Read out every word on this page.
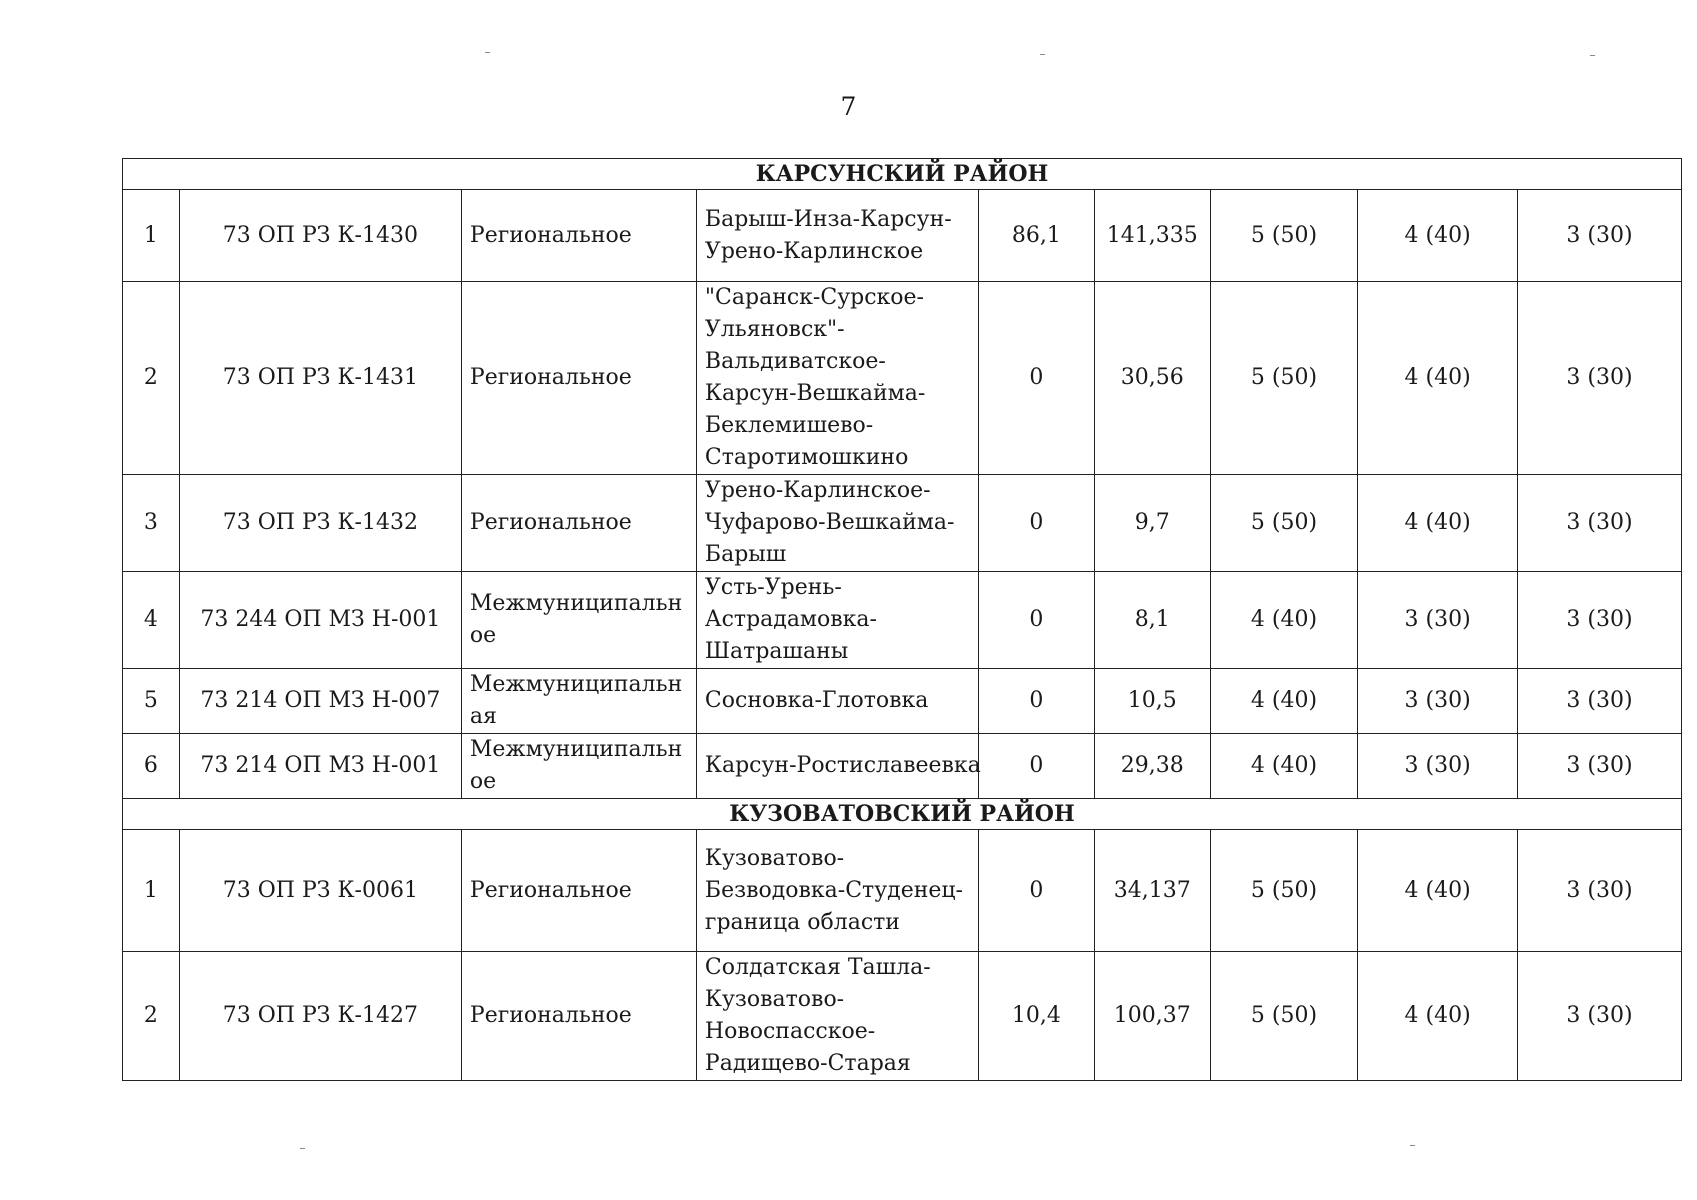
7
КАРСУНСКИЙ РАЙОН								
1	73 ОП РЗ К-1430	Региональное	Барыш-Инза-Карсун-Урено-Карлинское	86,1	141,335	5 (50)	4 (40)	3 (30)
2	73 ОП РЗ К-1431	Региональное	"Саранск-Сурское-Ульяновск"-Вальдиватское-Карсун-Вешкайма-Беклемишево-Старотимошкино	0	30,56	5 (50)	4 (40)	3 (30)
3	73 ОП РЗ К-1432	Региональное	Урено-Карлинское-Чуфарово-Вешкайма-Барыш	0	9,7	5 (50)	4 (40)	3 (30)
4	73 244 ОП МЗ Н-001	Межмуниципальное	Усть-Урень-Астрадамовка-Шатрашаны	0	8,1	4 (40)	3 (30)	3 (30)
5	73 214 ОП МЗ Н-007	Межмуниципальная	Сосновка-Глотовка	0	10,5	4 (40)	3 (30)	3 (30)
6	73 214 ОП МЗ Н-001	Межмуниципальное	Карсун-Ростиславеевка	0	29,38	4 (40)	3 (30)	3 (30)
КУЗОВАТОВСКИЙ РАЙОН								
1	73 ОП РЗ К-0061	Региональное	Кузоватово-Безводовка-Студенец-граница области	0	34,137	5 (50)	4 (40)	3 (30)
2	73 ОП РЗ К-1427	Региональное	Солдатская Ташла-Кузоватово-Новоспасское-Радищево-Старая	10,4	100,37	5 (50)	4 (40)	3 (30)
